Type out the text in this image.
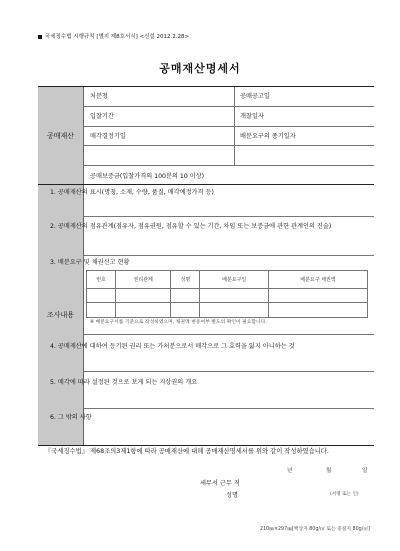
국세징수법 시행규칙 [별지 제8호서식] <신설 2012.2.28>
공매재산명세서
공매재산
조사내용
처분청	공매공고일
입찰기간	개찰일자
매각결정기일	배분요구의 종기일자
공매보증금(입찰가격의 100분의 10 이상)
1. 공매재산의 표시(명칭, 소재, 수량, 품질, 매각예정가격 등)
2. 공매재산의 점유관계(점유자, 점유권원, 점유할 수 있는 기간, 차임 또는 보증금에 관한 관계인의 진술)
3. 배분요구 및 채권신고 현황
번호	권리관계	성명	배분요구일	배분요구 채권액

※ 배분요구서를 기준으로 작성하였으며, 채권액 변동여부 별도의 확인이 필요합니다.
4. 공매재산에 대하여 등기된 권리 또는 가처분으로서 매각으로 그 효력을 잃지 아니하는 것
5. 매각에 따라 설정된 것으로 보게 되는 지상권의 개요
6. 그 밖의 사항
『국세징수법』 제68조의3제1항에 따라 공매재산에 대해 공매재산명세서를 위와 같이 작성하였습니다.
년	월	일
세무서 근무 직
성명	(서명 또는 인)
210㎜×297㎜[백상지 80g/㎡ 또는 중질지 80g/㎡]
